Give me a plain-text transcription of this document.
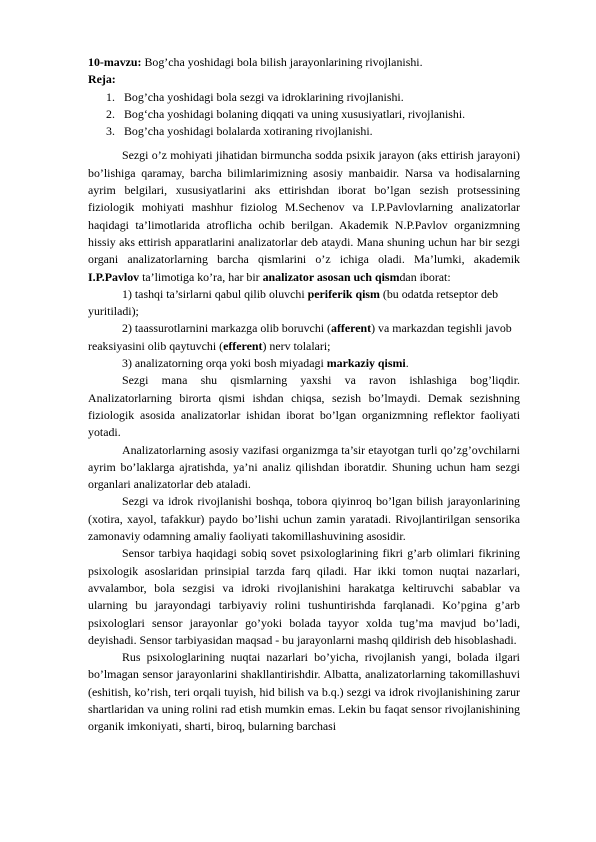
10-mavzu: Bog’cha yoshidagi bola bilish jarayonlarining rivojlanishi.

Reja:

1. Bog’cha yoshidagi bola sezgi va idroklarining rivojlanishi.
2. Bog‘cha yoshidagi bolaning diqqati va uning xususiyatlari, rivojlanishi.
3. Bog’cha yoshidagi bolalarda xotiraning rivojlanishi.

Sezgi o’z mohiyati jihatidan birmuncha sodda psixik jarayon (aks ettirish jarayoni) bo’lishiga qaramay, barcha bilimlarimizning asosiy manbaidir. Narsa va hodisalarning ayrim belgilari, xususiyatlarini aks ettirishdan iborat bo’lgan sezish protsessining fiziologik mohiyati mashhur fiziolog M.Sechenov va I.P.Pavlovlarning analizatorlar haqidagi ta’limotlarida atroflicha ochib berilgan. Akademik N.P.Pavlov organizmning hissiy aks ettirish apparatlarini analizatorlar deb ataydi. Mana shuning uchun har bir sezgi organi analizatorlarning barcha qismlarini o’z ichiga oladi. Ma’lumki, akademik I.P.Pavlov ta’limotiga ko’ra, har bir analizator asosan uch qismdan iborat:

1) tashqi ta’sirlarni qabul qilib oluvchi periferik qism (bu odatda retseptor deb yuritiladi);

2) taassurotlarnini markazga olib boruvchi (afferent) va markazdan tegishli javob reaksiyasini olib qaytuvchi (efferent) nerv tolalari;

3) analizatorning orqa yoki bosh miyadagi markaziy qismi.

Sezgi mana shu qismlarning yaxshi va ravon ishlashiga bog’liqdir. Analizatorlarning birorta qismi ishdan chiqsa, sezish bo’lmaydi. Demak sezishning fiziologik asosida analizatorlar ishidan iborat bo’lgan organizmning reflektor faoliyati yotadi.

Analizatorlarning asosiy vazifasi organizmga ta’sir etayotgan turli qo’zg’ovchilarni ayrim bo’laklarga ajratishda, ya’ni analiz qilishdan iboratdir. Shuning uchun ham sezgi organlari analizatorlar deb ataladi.

Sezgi va idrok rivojlanishi boshqa, tobora qiyinroq bo’lgan bilish jarayonlarining (xotira, xayol, tafakkur) paydo bo’lishi uchun zamin yaratadi. Rivojlantirilgan sensorika zamonaviy odamning amaliy faoliyati takomillashuvining asosidir.

Sensor tarbiya haqidagi sobiq sovet psixologlarining fikri g’arb olimlari fikrining psixologik asoslaridan prinsipial tarzda farq qiladi. Har ikki tomon nuqtai nazarlari, avvalambor, bola sezgisi va idroki rivojlanishini harakatga keltiruvchi sabablar va ularning bu jarayondagi tarbiyaviy rolini tushuntirishda farqlanadi. Ko’pgina g’arb psixologlari sensor jarayonlar go’yoki bolada tayyor xolda tug’ma mavjud bo’ladi, deyishadi. Sensor tarbiyasidan maqsad - bu jarayonlarni mashq qildirish deb hisoblashadi.

Rus psixologlarining nuqtai nazarlari bo’yicha, rivojlanish yangi, bolada ilgari bo’lmagan sensor jarayonlarini shakllantirishdir. Albatta, analizatorlarning takomillashuvi (eshitish, ko’rish, teri orqali tuyish, hid bilish va b.q.) sezgi va idrok rivojlanishining zarur shartlaridan va uning rolini rad etish mumkin emas. Lekin bu faqat sensor rivojlanishining organik imkoniyati, sharti, biroq, bularning barchasi
